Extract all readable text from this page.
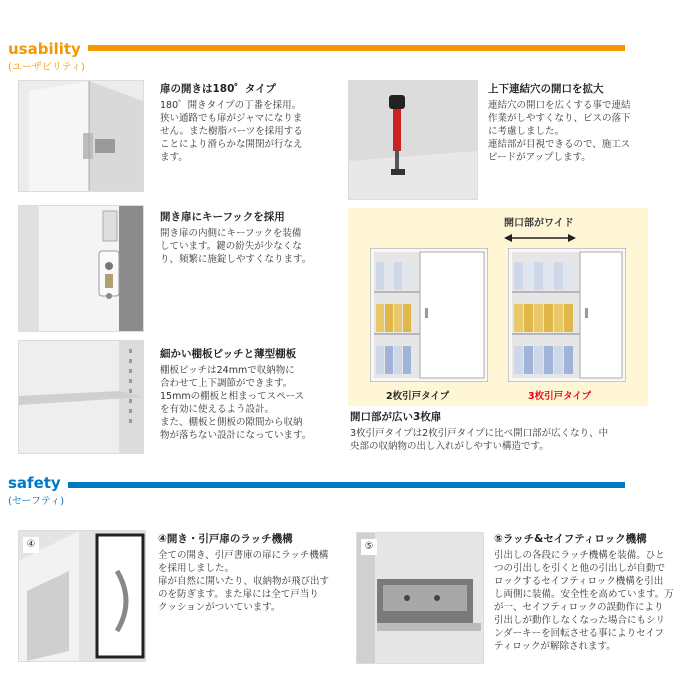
usability
(ユーザビリティ)
扉の開きは180゜タイプ
180゜開きタイプの丁番を採用。
狭い通路でも扉がジャマになりま
せん。また樹脂パーツを採用する
ことにより滑らかな開閉が行なえ
ます。
開き扉にキーフックを採用
開き扉の内側にキーフックを装備
しています。鍵の紛失が少なくな
り、頻繁に施錠しやすくなります。
細かい棚板ピッチと薄型棚板
棚板ピッチは24mmで収納物に
合わせて上下調節ができます。
15mmの棚板と相まってスペース
を有効に使えるよう設計。
また、棚板と側板の隙間から収納
物が落ちない設計になっています。
上下連結穴の開口を拡大
連結穴の開口を広くする事で連結
作業がしやすくなり、ビスの落下
に考慮しました。
連結部が目視できるので、施工ス
ピードがアップします。
開口部がワイド
2枚引戸タイプ	3枚引戸タイプ
開口部が広い3枚扉
3枚引戸タイプは2枚引戸タイプに比べ開口部が広くなり、中
央部の収納物の出し入れがしやすい構造です。
safety
(セーフティ)
④	④開き・引戸扉のラッチ機構
全ての開き、引戸書庫の扉にラッチ機構
を採用しました。
扉が自然に開いたり、収納物が飛び出す
のを防ぎます。また扉には全て戸当り
クッションがついています。
⑤
⑤ラッチ&セイフティロック機構
引出しの各段にラッチ機構を装備。ひと
つの引出しを引くと他の引出しが自動で
ロックするセイフティロック機構を引出
し両側に装備。安全性を高めています。万
が一、セイフティロックの誤動作により
引出しが動作しなくなった場合にもシリ
ンダーキーを回転させる事によりセイフ
ティロックが解除されます。
